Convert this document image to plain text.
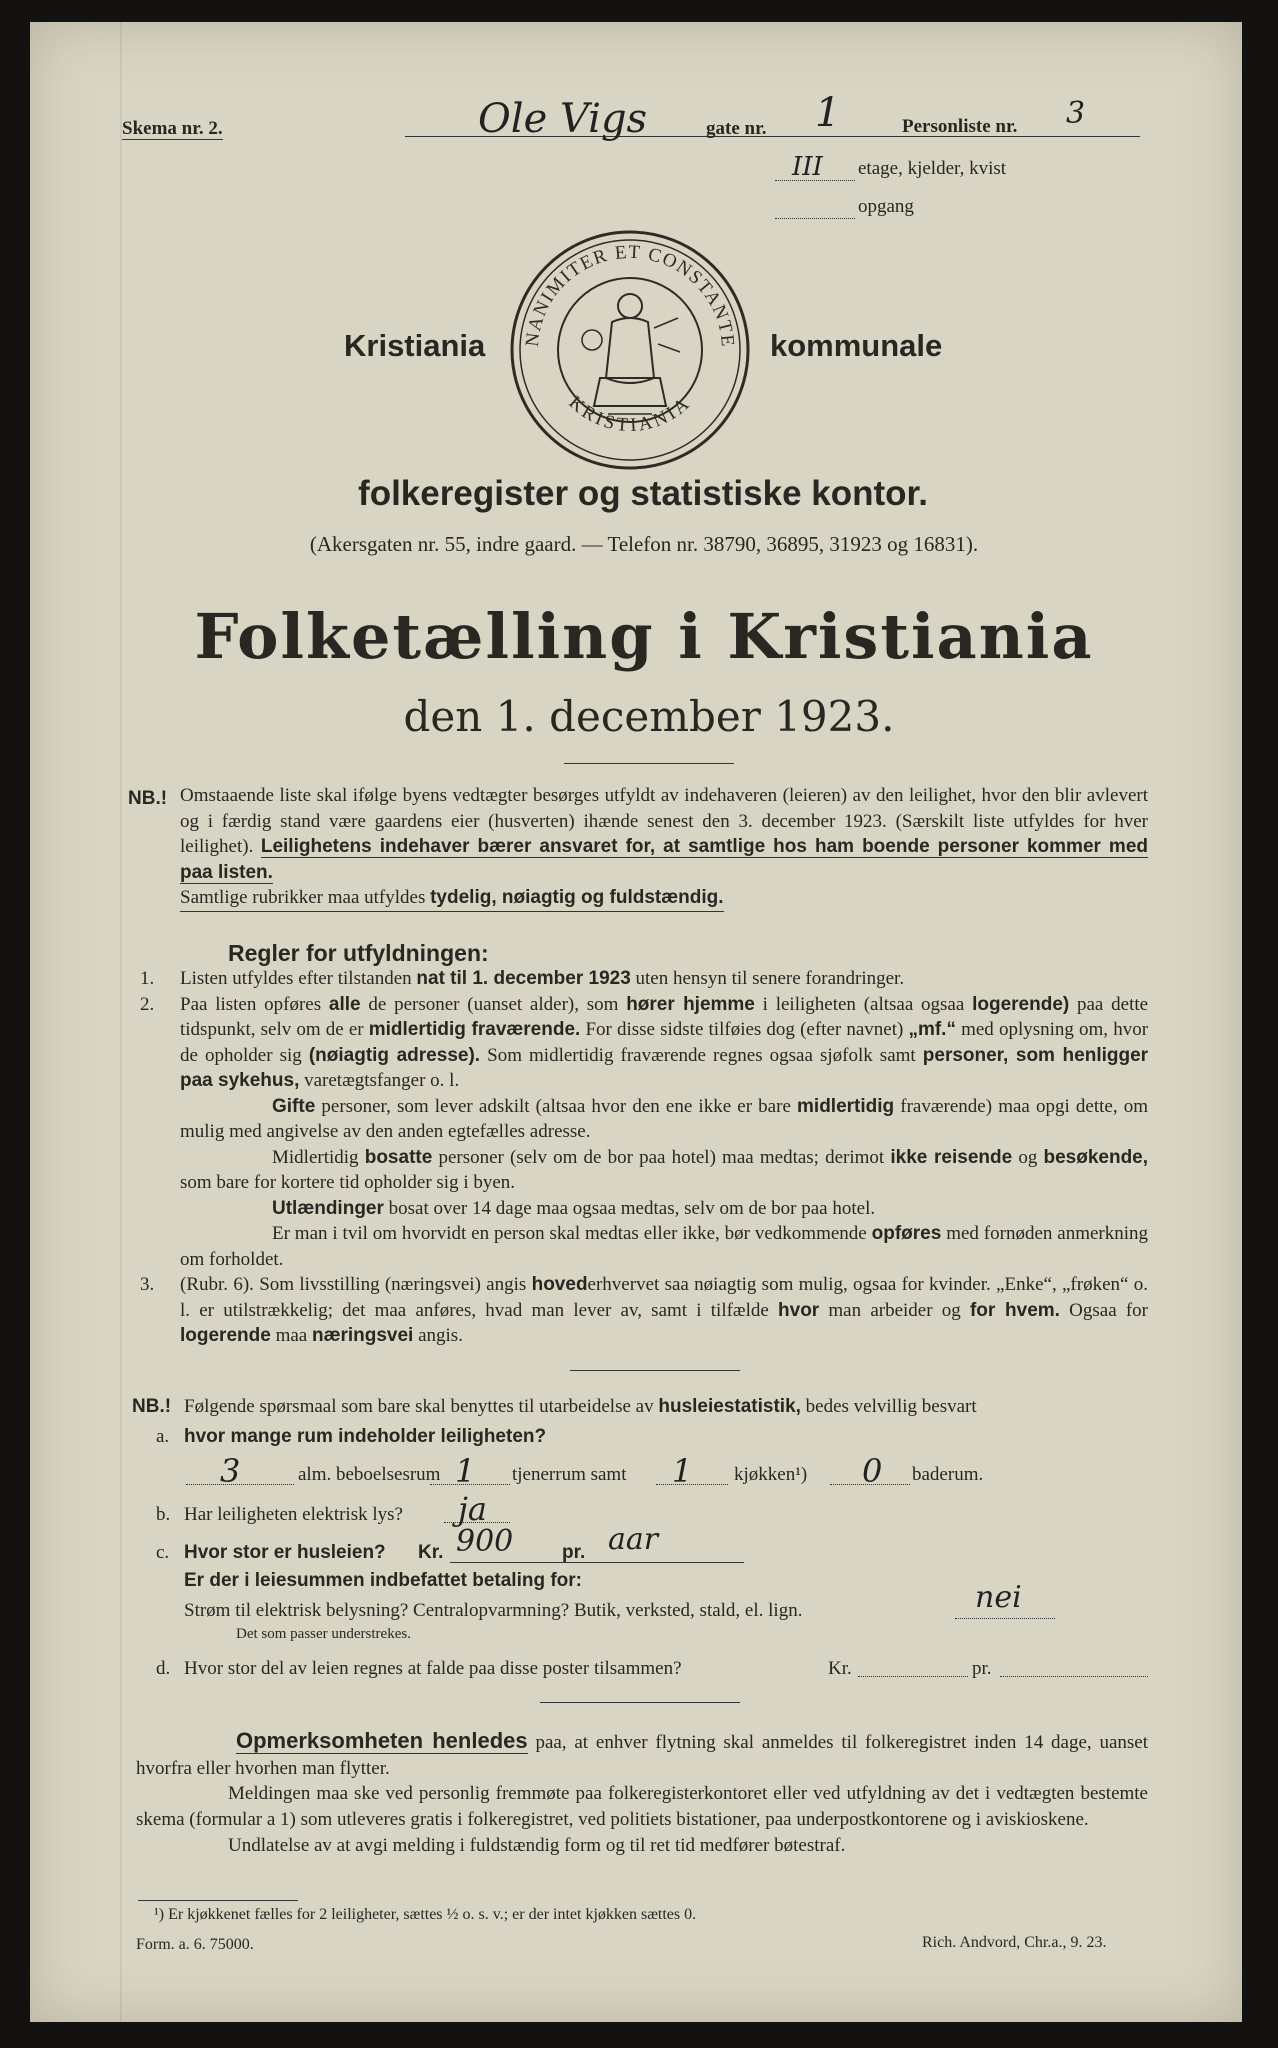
Skema nr. 2.	Ole Vigs	gate nr. 1	Personliste nr. 3
III etage, kjelder, kvist
opgang
Kristiania	kommunale
NANIMITER ET CONSTANTE
KRISTIANIA
folkeregister og statistiske kontor.
(Akersgaten nr. 55, indre gaard. — Telefon nr. 38790, 36895, 31923 og 16831).
Folketælling i Kristiania
den 1. december 1923.
NB.! Omstaaende liste skal ifølge byens vedtægter besørges utfyldt av indehaveren (leieren) av den leilighet, hvor den blir avlevert og i færdig stand være gaardens eier (husverten) ihænde senest den 3. december 1923. (Særskilt liste utfyldes for hver leilighet). Leilighetens indehaver bærer ansvaret for, at samtlige hos ham boende personer kommer med paa listen.

Samtlige rubrikker maa utfyldes tydelig, nøiagtig og fuldstændig.

Regler for utfyldningen:

1. Listen utfyldes efter tilstanden nat til 1. december 1923 uten hensyn til senere forandringer.

2. Paa listen opføres alle de personer (uanset alder), som hører hjemme i leiligheten (altsaa ogsaa logerende) paa dette tidspunkt, selv om de er midlertidig fraværende. For disse sidste tilføies dog (efter navnet) „mf.“ med oplysning om, hvor de opholder sig (nøiagtig adresse). Som midlertidig fraværende regnes ogsaa sjøfolk samt personer, som henligger paa sykehus, varetægtsfanger o. l.

Gifte personer, som lever adskilt (altsaa hvor den ene ikke er bare midlertidig fraværende) maa opgi dette, om mulig med angivelse av den anden egtefælles adresse.

Midlertidig bosatte personer (selv om de bor paa hotel) maa medtas; derimot ikke reisende og besøkende, som bare for kortere tid opholder sig i byen.

Utlændinger bosat over 14 dage maa ogsaa medtas, selv om de bor paa hotel.

Er man i tvil om hvorvidt en person skal medtas eller ikke, bør vedkommende opføres med fornøden anmerkning om forholdet.

3. (Rubr. 6). Som livsstilling (næringsvei) angis hovederhvervet saa nøiagtig som mulig, ogsaa for kvinder. „Enke“, „frøken“ o. l. er utilstrækkelig; det maa anføres, hvad man lever av, samt i tilfælde hvor man arbeider og for hvem. Ogsaa for logerende maa næringsvei angis.

NB.! Følgende spørsmaal som bare skal benyttes til utarbeidelse av husleiestatistik, bedes velvillig besvart
a. hvor mange rum indeholder leiligheten?
3	alm. beboelsesrum 1 tjenerrum samt 1 kjøkken¹) 0 baderum.
b. Har leiligheten elektrisk lys? ja
c. Hvor stor er husleien? Kr. 900	pr. aar
Er der i leiesummen indbefattet betaling for:
Strøm til elektrisk belysning? Centralopvarmning? Butik, verksted, stald, el. lign.	nei
Det som passer understrekes.
d. Hvor stor del av leien regnes at falde paa disse poster tilsammen?	Kr.	pr.

Opmerksomheten henledes paa, at enhver flytning skal anmeldes til folkeregistret inden 14 dage, uanset hvorfra eller hvorhen man flytter.

Meldingen maa ske ved personlig fremmøte paa folkeregisterkontoret eller ved utfyldning av det i vedtægten bestemte skema (formular a 1) som utleveres gratis i folkeregistret, ved politiets bistationer, paa underpostkontorene og i aviskioskene.

Undlatelse av at avgi melding i fuldstændig form og til ret tid medfører bøtestraf.

¹) Er kjøkkenet fælles for 2 leiligheter, sættes ½ o. s. v.; er der intet kjøkken sættes 0.
Form. a. 6. 75000.	Rich. Andvord, Chr.a., 9. 23.
